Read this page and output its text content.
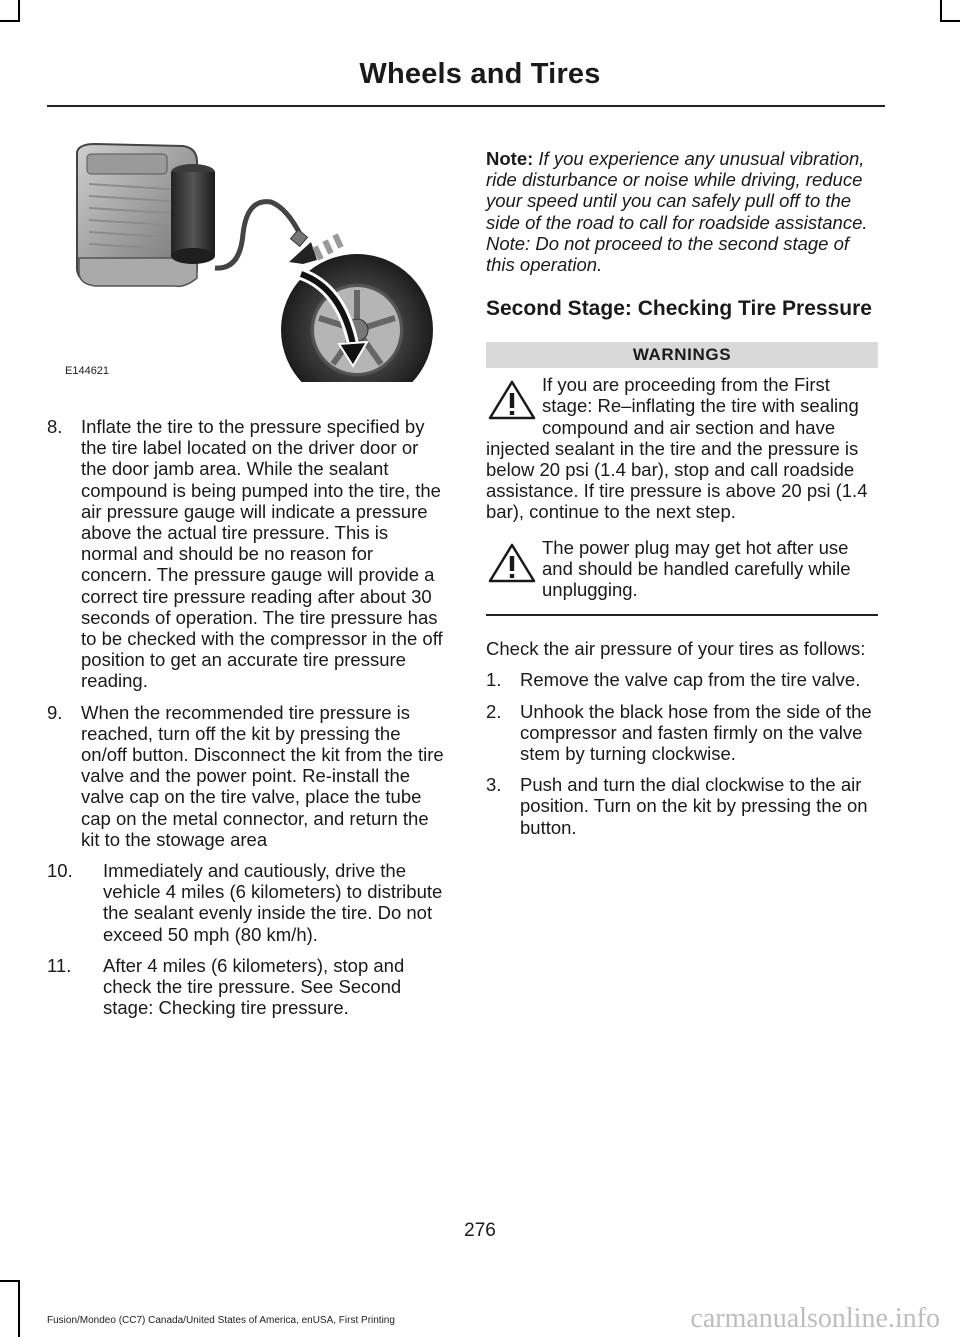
Wheels and Tires
E144621
8. Inflate the tire to the pressure specified by the tire label located on the driver door or the door jamb area. While the sealant compound is being pumped into the tire, the air pressure gauge will indicate a pressure above the actual tire pressure. This is normal and should be no reason for concern. The pressure gauge will provide a correct tire pressure reading after about 30 seconds of operation. The tire pressure has to be checked with the compressor in the off position to get an accurate tire pressure reading.
9. When the recommended tire pressure is reached, turn off the kit by pressing the on/off button. Disconnect the kit from the tire valve and the power point. Re-install the valve cap on the tire valve, place the tube cap on the metal connector, and return the kit to the stowage area
10. Immediately and cautiously, drive the vehicle 4 miles (6 kilometers) to distribute the sealant evenly inside the tire. Do not exceed 50 mph (80 km/h).
11. After 4 miles (6 kilometers), stop and check the tire pressure. See Second stage: Checking tire pressure.

Note: If you experience any unusual vibration, ride disturbance or noise while driving, reduce your speed until you can safely pull off to the side of the road to call for roadside assistance. Note: Do not proceed to the second stage of this operation.

Second Stage: Checking Tire Pressure
WARNINGS

If you are proceeding from the First stage: Re–inflating the tire with sealing compound and air section and have injected sealant in the tire and the pressure is below 20 psi (1.4 bar), stop and call roadside assistance. If tire pressure is above 20 psi (1.4 bar), continue to the next step.

The power plug may get hot after use and should be handled carefully while unplugging.

Check the air pressure of your tires as follows:

1. Remove the valve cap from the tire valve.
2. Unhook the black hose from the side of the compressor and fasten firmly on the valve stem by turning clockwise.
3. Push and turn the dial clockwise to the air position. Turn on the kit by pressing the on button.
276
Fusion/Mondeo (CC7) Canada/United States of America, enUSA, First Printing	carmanualsonline.info
